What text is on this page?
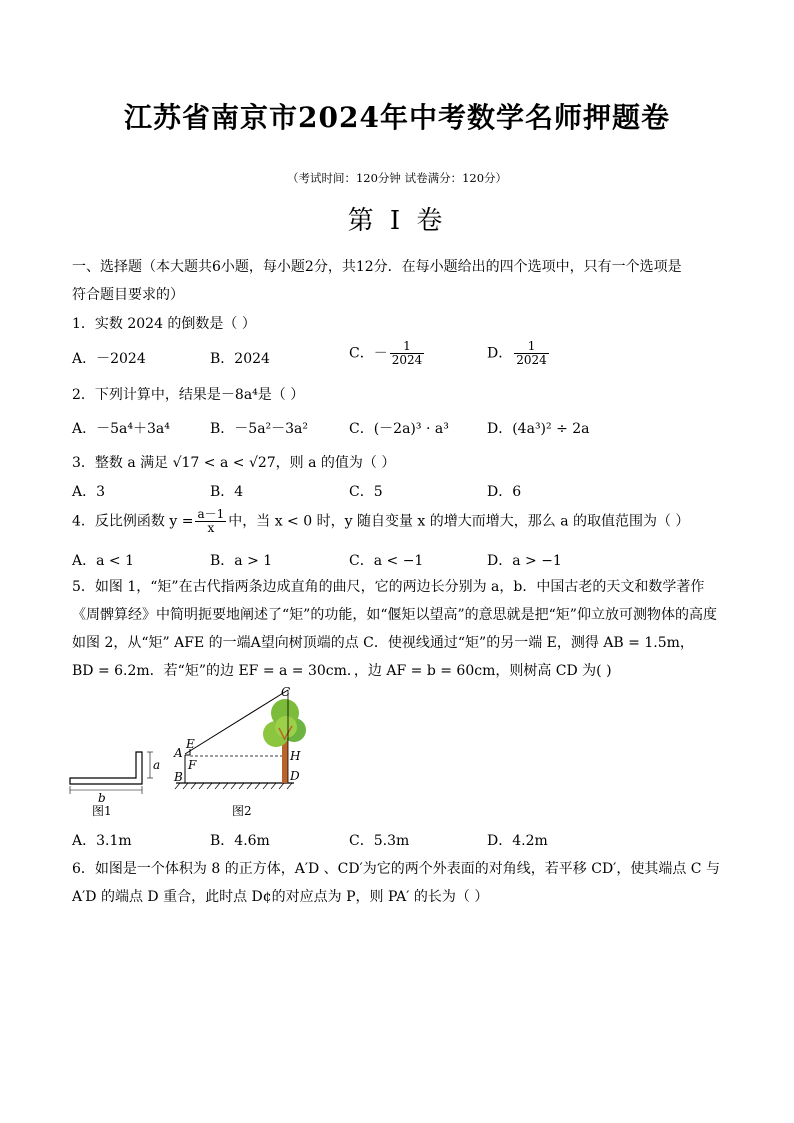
江苏省南京市2024年中考数学名师押题卷
（考试时间：120分钟 试卷满分：120分）
第 I 卷
一、选择题（本大题共6小题，每小题2分，共12分．在每小题给出的四个选项中，只有一个选项是
符合题目要求的）
1．实数 2024 的倒数是（ ）
A．－2024	B．2024	C．－ $\frac{1}{2024}$	D． $\frac{1}{2024}$
2．下列计算中，结果是－8a⁴是（ ）
A．－5a⁴＋3a⁴	B．－5a²－3a²	C．(－2a)³ · a³	D．(4a³)² ÷ 2a
3．整数 a 满足 √17 < a < √27，则 a 的值为（ ）
A．3	B．4	C．5	D．6
4．反比例函数 $y = \frac{a-1}{x}$ 中，当 x < 0 时，y 随自变量 x 的增大而增大，那么 a 的取值范围为（ ）
A．a < 1	B．a > 1	C．a < −1	D．a > −1
5．如图 1，“矩”在古代指两条边成直角的曲尺，它的两边长分别为 a，b．中国古老的天文和数学著作
《周髀算经》中简明扼要地阐述了“矩”的功能，如“偃矩以望高”的意思就是把“矩”仰立放可测物体的高度
如图 2，从“矩” AFE 的一端A望向树顶端的点 C．使视线通过“矩”的另一端 E，测得 AB = 1.5m，
BD = 6.2m．若“矩”的边 EF = a = 30cm．，边 AF = b = 60cm，则树高 CD 为( )
a
b
图1
A
B
E
F
C
H
D
图2
A．3.1m	B．4.6m	C．5.3m	D．4.2m
6．如图是一个体积为 8 的正方体，A′D 、CD′为它的两个外表面的对角线，若平移 CD′，使其端点 C 与
A′D 的端点 D 重合，此时点 D¢的对应点为 P，则 PA′ 的长为（ ）
